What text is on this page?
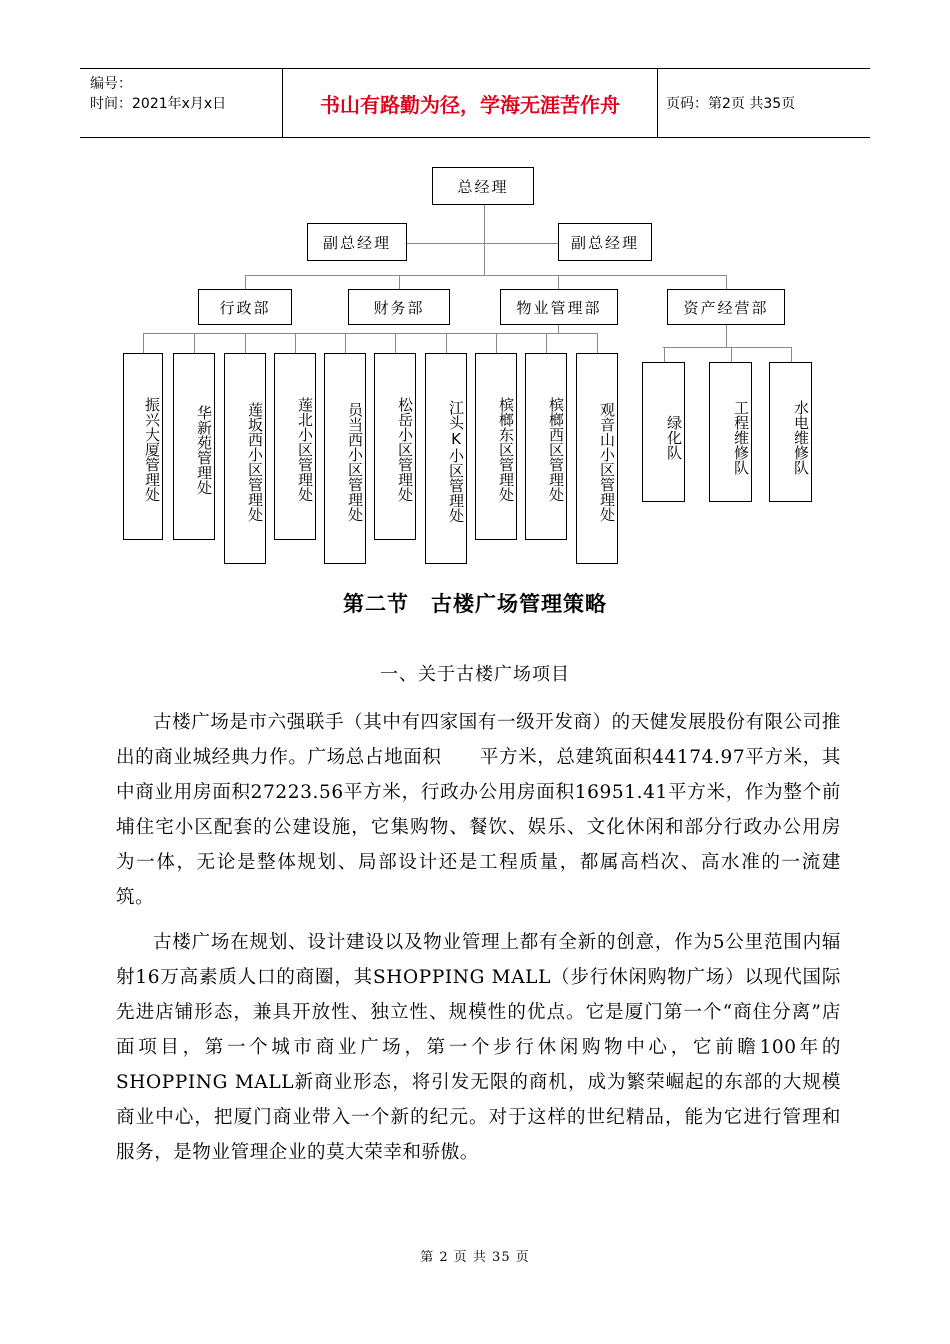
编号：
时间：2021年x月x日	书山有路勤为径，学海无涯苦作舟	页码：第2页 共35页
总经理
副总经理	副总经理
行政部	财务部	物业管理部	资产经营部
振兴大厦管理处	华新苑管理处	莲坂西小区管理处	莲北小区管理处	员当西小区管理处	松岳小区管理处	江头K小区管理处	槟榔东区管理处	槟榔西区管理处	观音山小区管理处	绿化队	工程维修队	水电维修队
第二节　古楼广场管理策略
一、关于古楼广场项目
古楼广场是市六强联手（其中有四家国有一级开发商）的天健发展股份有限公司推出的商业城经典力作。广场总占地面积　　平方米，总建筑面积44174.97平方米，其中商业用房面积27223.56平方米，行政办公用房面积16951.41平方米，作为整个前埔住宅小区配套的公建设施，它集购物、餐饮、娱乐、文化休闲和部分行政办公用房为一体，无论是整体规划、局部设计还是工程质量，都属高档次、高水准的一流建筑。
古楼广场在规划、设计建设以及物业管理上都有全新的创意，作为5公里范围内辐射16万高素质人口的商圈，其SHOPPING MALL（步行休闲购物广场）以现代国际先进店铺形态，兼具开放性、独立性、规模性的优点。它是厦门第一个“商住分离”店面项目，第一个城市商业广场，第一个步行休闲购物中心，它前瞻100年的SHOPPING MALL新商业形态，将引发无限的商机，成为繁荣崛起的东部的大规模商业中心，把厦门商业带入一个新的纪元。对于这样的世纪精品，能为它进行管理和服务，是物业管理企业的莫大荣幸和骄傲。
第 2 页 共 35 页
